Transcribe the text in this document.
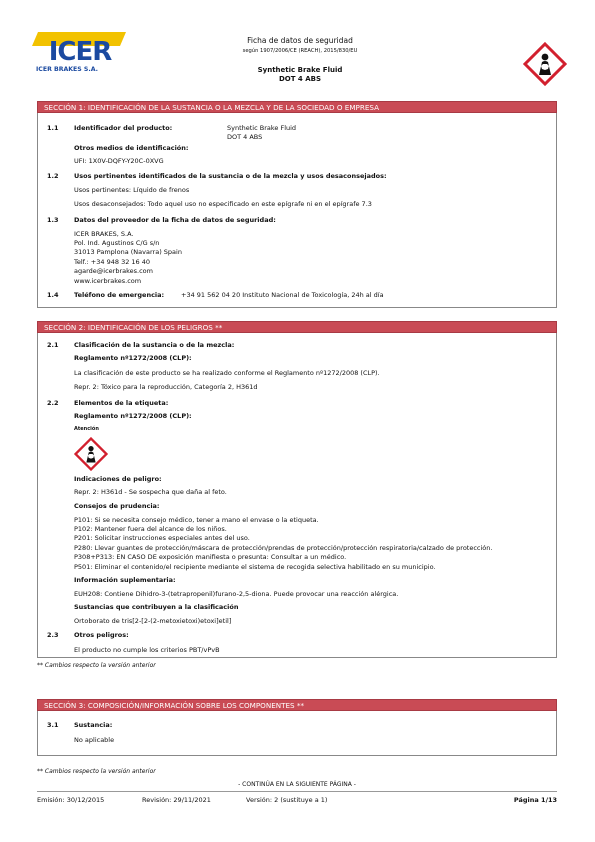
ICER
ICER BRAKES S.A.
Ficha de datos de seguridad
según 1907/2006/CE (REACH), 2015/830/EU
Synthetic Brake Fluid
DOT 4 ABS
SECCIÓN 1: IDENTIFICACIÓN DE LA SUSTANCIA O LA MEZCLA Y DE LA SOCIEDAD O EMPRESA
1.1 Identificador del producto:	Synthetic Brake Fluid
DOT 4 ABS
Otros medios de identificación:
UFI: 1X0V-DQFY-Y20C-0XVG
1.2 Usos pertinentes identificados de la sustancia o de la mezcla y usos desaconsejados:
Usos pertinentes: Líquido de frenos
Usos desaconsejados: Todo aquel uso no especificado en este epígrafe ni en el epígrafe 7.3
1.3 Datos del proveedor de la ficha de datos de seguridad:
ICER BRAKES, S.A.
Pol. Ind. Agustinos C/G s/n
31013 Pamplona (Navarra) Spain
Telf.: +34 948 32 16 40
agarde@icerbrakes.com
www.icerbrakes.com
1.4 Teléfono de emergencia:	+34 91 562 04 20 Instituto Nacional de Toxicología, 24h al día
SECCIÓN 2: IDENTIFICACIÓN DE LOS PELIGROS **
2.1 Clasificación de la sustancia o de la mezcla:
Reglamento nº1272/2008 (CLP):
La clasificación de este producto se ha realizado conforme el Reglamento nº1272/2008 (CLP).
Repr. 2: Tóxico para la reproducción, Categoría 2, H361d
2.2 Elementos de la etiqueta:
Reglamento nº1272/2008 (CLP):
Atención
Indicaciones de peligro:
Repr. 2: H361d - Se sospecha que daña al feto.
Consejos de prudencia:
P101: Si se necesita consejo médico, tener a mano el envase o la etiqueta.
P102: Mantener fuera del alcance de los niños.
P201: Solicitar instrucciones especiales antes del uso.
P280: Llevar guantes de protección/máscara de protección/prendas de protección/protección respiratoria/calzado de protección.
P308+P313: EN CASO DE exposición manifiesta o presunta: Consultar a un médico.
P501: Eliminar el contenido/el recipiente mediante el sistema de recogida selectiva habilitado en su municipio.
Información suplementaria:
EUH208: Contiene Dihidro-3-(tetrapropenil)furano-2,5-diona. Puede provocar una reacción alérgica.
Sustancias que contribuyen a la clasificación
Ortoborato de tris[2-[2-(2-metoxietoxi)etoxi]etil]
2.3 Otros peligros:
El producto no cumple los criterios PBT/vPvB
** Cambios respecto la versión anterior
SECCIÓN 3: COMPOSICIÓN/INFORMACIÓN SOBRE LOS COMPONENTES **
3.1 Sustancia:
No aplicable
** Cambios respecto la versión anterior
- CONTINÚA EN LA SIGUIENTE PÁGINA -
Emisión: 30/12/2015	Revisión: 29/11/2021	Versión: 2 (sustituye a 1)	Página 1/13
